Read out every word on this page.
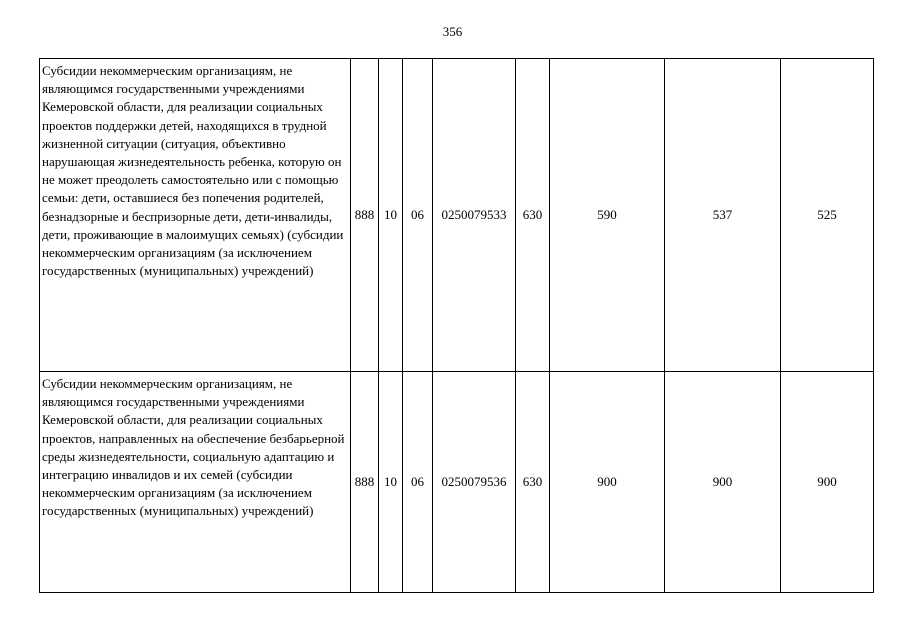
356
Субсидии некоммерческим организациям, не являющимся государственными учреждениями Кемеровской области, для реализации социальных проектов поддержки детей, находящихся в трудной жизненной ситуации (ситуация, объективно нарушающая жизнедеятельность ребенка, которую он не может преодолеть самостоятельно или с помощью семьи: дети, оставшиеся без попечения родителей, безнадзорные и беспризорные дети, дети-инвалиды, дети, проживающие в малоимущих семьях) (субсидии некоммерческим организациям (за исключением государственных (муниципальных) учреждений)	888	10	06	0250079533	630	590	537	525
Субсидии некоммерческим организациям, не являющимся государственными учреждениями Кемеровской области, для реализации социальных проектов, направленных на обеспечение безбарьерной среды жизнедеятельности, социальную адаптацию и интеграцию инвалидов и их семей (субсидии некоммерческим организациям (за исключением государственных (муниципальных) учреждений)	888	10	06	0250079536	630	900	900	900
